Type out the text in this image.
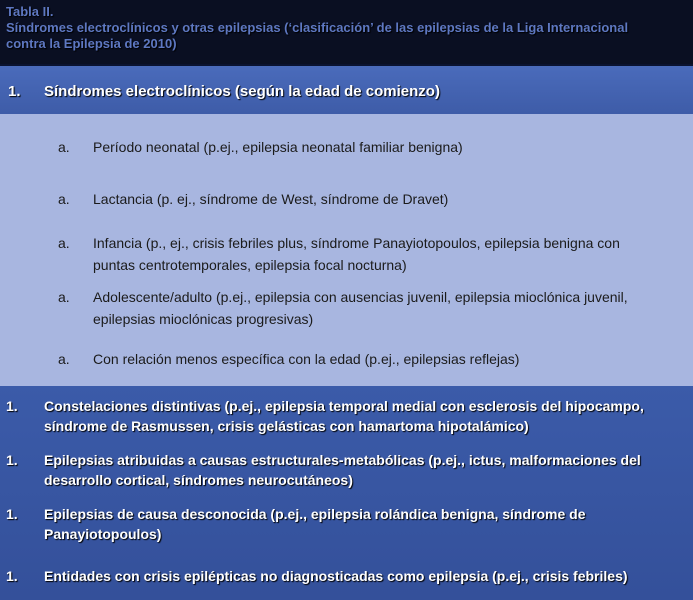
Tabla II.
Síndromes electroclínicos y otras epilepsias (‘clasificación’ de las epilepsias de la Liga Internacional
contra la Epilepsia de 2010)
1. Síndromes electroclínicos (según la edad de comienzo)
a. Período neonatal (p.ej., epilepsia neonatal familiar benigna)
a. Lactancia (p. ej., síndrome de West, síndrome de Dravet)
a. Infancia (p., ej., crisis febriles plus, síndrome Panayiotopoulos, epilepsia benigna con puntas centrotemporales, epilepsia focal nocturna)
a. Adolescente/adulto (p.ej., epilepsia con ausencias juvenil, epilepsia mioclónica juvenil, epilepsias mioclónicas progresivas)
a. Con relación menos específica con la edad (p.ej., epilepsias reflejas)
1. Constelaciones distintivas (p.ej., epilepsia temporal medial con esclerosis del hipocampo, síndrome de Rasmussen, crisis gelásticas con hamartoma hipotalámico)
1. Epilepsias atribuidas a causas estructurales-metabólicas (p.ej., ictus, malformaciones del desarrollo cortical, síndromes neurocutáneos)
1. Epilepsias de causa desconocida (p.ej., epilepsia rolándica benigna, síndrome de Panayiotopoulos)
1. Entidades con crisis epilépticas no diagnosticadas como epilepsia (p.ej., crisis febriles)
